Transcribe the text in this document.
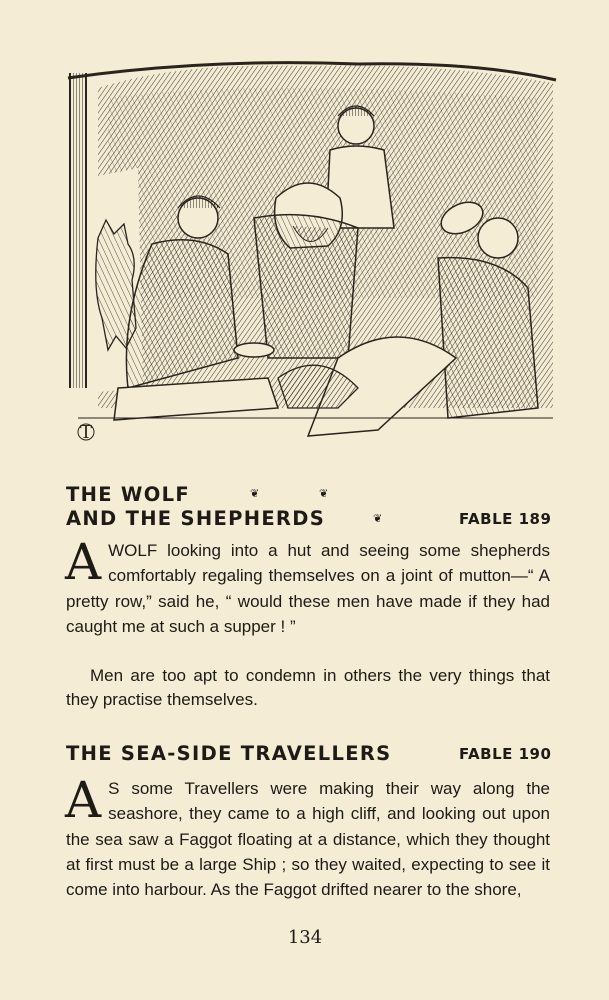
T
THE WOLF	❦	❦
AND THE SHEPHERDS	❦	FABLE 189

AWOLF looking into a hut and seeing some shepherds comfortably regaling themselves on a joint of mutton—“ A pretty row,” said he, “ would these men have made if they had caught me at such a supper ! ”

Men are too apt to condemn in others the very things that they practise themselves.

THE SEA-SIDE TRAVELLERS	FABLE 190

A S some Travellers were making their way along the seashore, they came to a high cliff, and looking out upon the sea saw a Faggot floating at a distance, which they thought at first must be a large Ship ; so they waited, expecting to see it come into harbour. As the Faggot drifted nearer to the shore,

134
